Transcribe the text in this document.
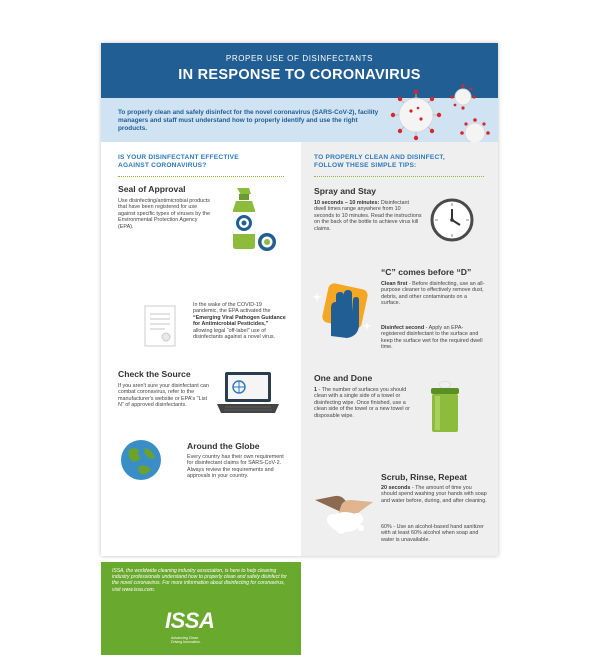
PROPER USE OF DISINFECTANTS
IN RESPONSE TO CORONAVIRUS

To properly clean and safely disinfect for the novel coronavirus (SARS-CoV-2), facility managers and staff must understand how to properly identify and use the right products.

IS YOUR DISINFECTANT EFFECTIVE
AGAINST CORONAVIRUS?
Seal of Approval
Use disinfecting/antimicrobial products that have been registered for use against specific types of viruses by the Environmental Protection Agency (EPA).
In the wake of the COVID-19 pandemic, the EPA activated the “Emerging Viral Pathogen Guidance for Antimicrobial Pesticides,” allowing legal “off-label” use of disinfectants against a novel virus.
Check the Source
If you aren't sure your disinfectant can combat coronavirus, refer to the manufacturer's website or EPA's "List N" of approved disinfectants.
Around the Globe
Every country has their own requirement for disinfectant claims for SARS-CoV-2. Always review the requirements and approvals in your country.

ISSA, the worldwide cleaning industry association, is here to help cleaning industry professionals understand how to properly clean and safely disinfect for the novel coronavirus. For more information about disinfecting for coronavirus, visit www.issa.com.

ISSA
Advancing Clean.
Driving Innovation.
TO PROPERLY CLEAN AND DISINFECT,
FOLLOW THESE SIMPLE TIPS:
Spray and Stay
10 seconds – 10 minutes: Disinfectant dwell times range anywhere from 10 seconds to 10 minutes. Read the instructions on the back of the bottle to achieve virus kill claims.
“C” comes before “D”
Clean first - Before disinfecting, use an all-purpose cleaner to effectively remove dust, debris, and other contaminants on a surface.
Disinfect second - Apply an EPA-registered disinfectant to the surface and keep the surface wet for the required dwell time.
One and Done
1 - The number of surfaces you should clean with a single side of a towel or disinfecting wipe. Once finished, use a clean side of the towel or a new towel or disposable wipe.
Scrub, Rinse, Repeat
20 seconds - The amount of time you should spend washing your hands with soap and water before, during, and after cleaning.
60% - Use an alcohol-based hand sanitizer with at least 60% alcohol when soap and water is unavailable.
